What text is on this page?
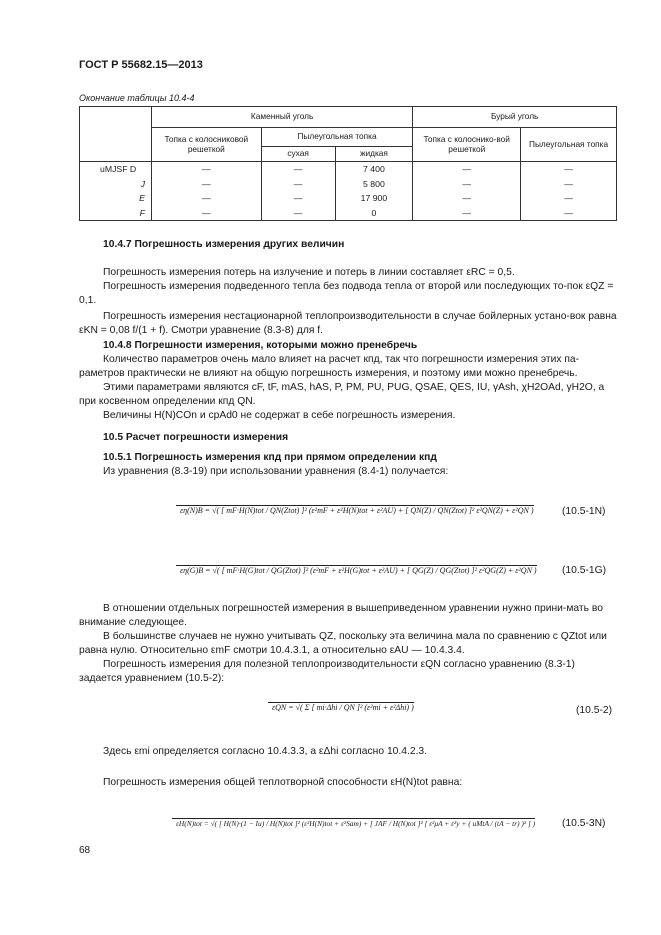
ГОСТ Р 55682.15—2013
Окончание таблицы 10.4-4
	Каменный уголь			Бурый уголь	
	Топка с колосниковой решеткой	Пылеугольная топка		Топка с колоснико-вой решеткой	Пылеугольная топка
		сухая	жидкая		
uMJSF D	—	—	7 400	—	—
J	—	—	5 800	—	—
E	—	—	17 900	—	—
F	—	—	0	—	—
10.4.7 Погрешность измерения других величин
Погрешность измерения потерь на излучение и потерь в линии составляет εRC = 0,5.
Погрешность измерения подведенного тепла без подвода тепла от второй или последующих то-пок εQZ = 0,1.
Погрешность измерения нестационарной теплопроизводительности в случае бойлерных устано-вок равна εKN = 0,08 f/(1 + f). Смотри уравнение (8.3-8) для f.
10.4.8 Погрешности измерения, которыми можно пренебречь
Количество параметров очень мало влияет на расчет кпд, так что погрешности измерения этих па-раметров практически не влияют на общую погрешность измерения, и поэтому ими можно пренебречь.
Этими параметрами являются cF, tF, mAS, hAS, P, PM, PU, PUG, QSAE, QES, IU, γAsh, χH2OAd, γH2O, а при косвенном определении кпд QN.
Величины H(N)COn и cpAd0 не содержат в себе погрешность измерения.
10.5 Расчет погрешности измерения
10.5.1 Погрешность измерения кпд при прямом определении кпд
Из уравнения (8.3-19) при использовании уравнения (8.4-1) получается:
εη(N)B = √( [ mF·H(N)tot / QN(Ztot) ]² (ε²mF + ε²H(N)tot + ε²AU) + [ QN(Z) / QN(Ztot) ]² ε²QN(Z) + ε²QN )	(10.5-1N)
εη(G)B = √( [ mF·H(G)tot / QG(Ztot) ]² (ε²mF + ε²H(G)tot + ε²AU) + [ QG(Z) / QG(Ztot) ]² ε²QG(Z) + ε²QN ) (10.5-1G)
В отношении отдельных погрешностей измерения в вышеприведенном уравнении нужно прини-мать во внимание следующее.
В большинстве случаев не нужно учитывать QZ, поскольку эта величина мала по сравнению с QZtot или равна нулю. Относительно εmF смотри 10.4.3.1, а относительно εAU — 10.4.3.4.
Погрешность измерения для полезной теплопроизводительности εQN согласно уравнению (8.3-1) задается уравнением (10.5-2):
εQN = √( Σ [ mi·Δhi / QN ]² (ε²mi + ε²Δhi) )	(10.5-2)
Здесь εmi определяется согласно 10.4.3.3, а εΔhi согласно 10.4.2.3.
Погрешность измерения общей теплотворной способности εH(N)tot равна:
εH(N)tot = √( [ H(N)·(1 − Iu) / H(N)tot ]² (ε²H(N)tot + ε²Sam) + [ JAF / H(N)tot ]² [ ε²μA + ε²y + ( uMtA / (tA − tr) )² ] )	(10.5-3N)
68
